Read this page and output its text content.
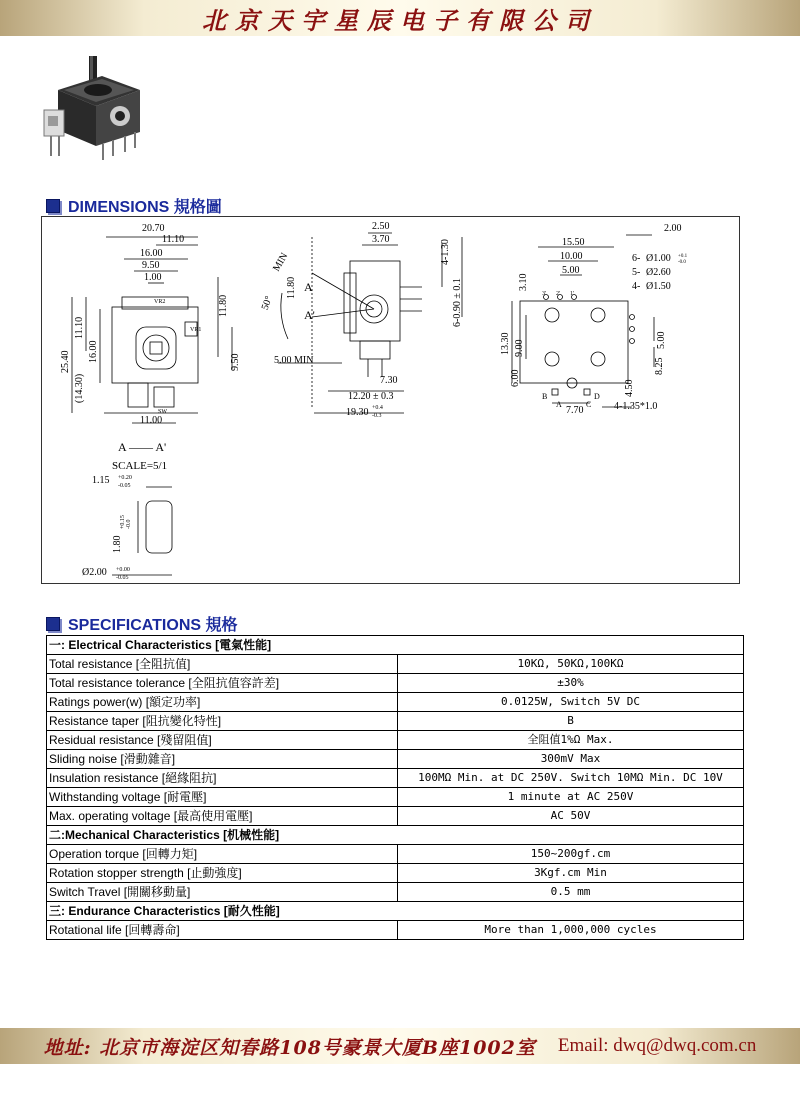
北京天宇星辰电子有限公司
DIMENSIONS 規格圖
20.70
11.10
16.00
9.50
1.00
VR2
VR1
SW
11.80
11.10
16.00	9.50
25.40
(14.30)
11.00
2.50
3.70	4-1.30
MIN
50°
A
A'
11.80	6-0.90 ± 0.1
5.00 MIN
7.30
12.20 ± 0.3
19.30 +0.4
-0.3
2.00
15.50
10.00
5.00
3.10
6- Ø1.00
5- Ø2.60
4- Ø1.50
+0.1
-0.0
3' 2' 1'
13.30 9.00
6.00
5.00
8.25
4.50
B
A	C
D
7.70	4-1.35*1.0
A —— A'
SCALE=5/1
1.15 +0.20
-0.05
1.80
+0.15 -0.0
Ø2.00 +0.00
-0.05
SPECIFICATIONS 規格
一: Electrical Characteristics [電氣性能]	
Total resistance [全阻抗值]	10KΩ, 50KΩ,100KΩ
Total resistance tolerance [全阻抗值容許差]	±30%
Ratings power(w) [額定功率]	0.0125W, Switch 5V DC
Resistance taper [阻抗變化特性]	B
Residual resistance [殘留阻值]	全阻值1%Ω Max.
Sliding noise [滑動雜音]	300mV Max
Insulation resistance [絕緣阻抗]	100MΩ Min. at DC 250V. Switch 10MΩ Min. DC 10V
Withstanding voltage [耐電壓]	1 minute at AC 250V
Max. operating voltage [最高使用電壓]	AC 50V
二:Mechanical Characteristics [机械性能]	
Operation torque [回轉力矩]	150~200gf.cm
Rotation stopper strength [止動強度]	3Kgf.cm Min
Switch Travel [開關移動量]	0.5 mm
三: Endurance Characteristics [耐久性能]	
Rotational life [回轉壽命]	More than 1,000,000 cycles
地址: 北京市海淀区知春路108号豪景大厦B座1002室 Email: dwq@dwq.com.cn
